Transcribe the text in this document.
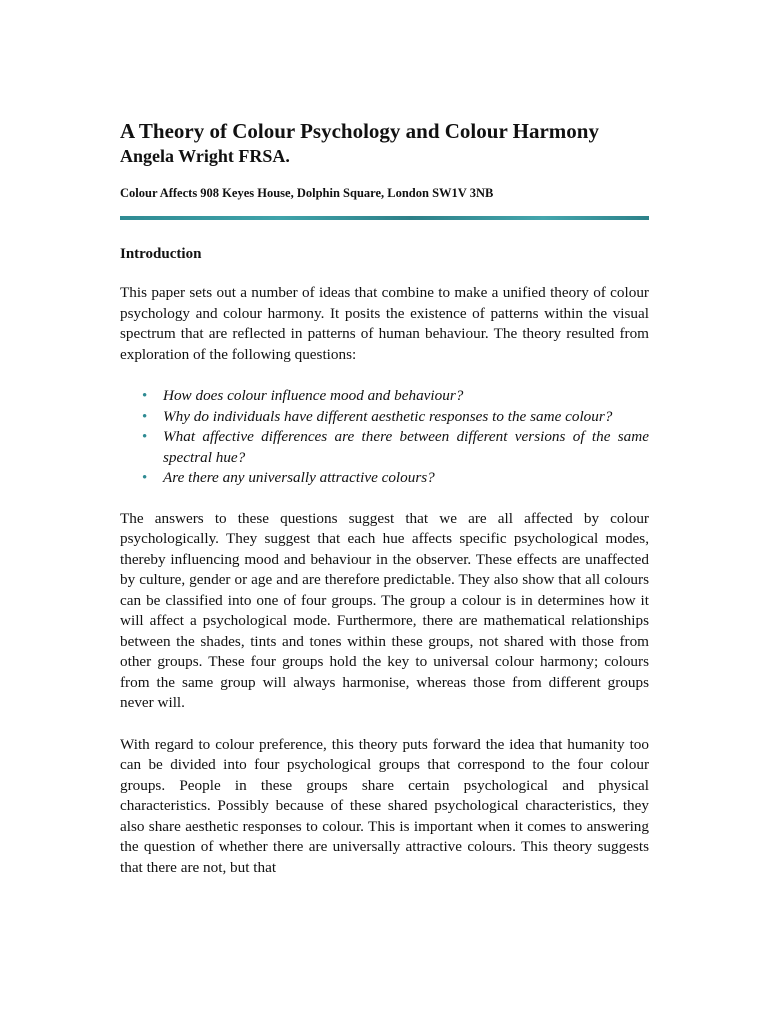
A Theory of Colour Psychology and Colour Harmony
Angela Wright FRSA.
Colour Affects 908 Keyes House, Dolphin Square, London SW1V 3NB
Introduction

This paper sets out a number of ideas that combine to make a unified theory of colour psychology and colour harmony. It posits the existence of patterns within the visual spectrum that are reflected in patterns of human behaviour. The theory resulted from exploration of the following questions:

• How does colour influence mood and behaviour?
• Why do individuals have different aesthetic responses to the same colour?
• What affective differences are there between different versions of the same spectral hue?
• Are there any universally attractive colours?

The answers to these questions suggest that we are all affected by colour psychologically. They suggest that each hue affects specific psychological modes, thereby influencing mood and behaviour in the observer. These effects are unaffected by culture, gender or age and are therefore predictable. They also show that all colours can be classified into one of four groups. The group a colour is in determines how it will affect a psychological mode. Furthermore, there are mathematical relationships between the shades, tints and tones within these groups, not shared with those from other groups. These four groups hold the key to universal colour harmony; colours from the same group will always harmonise, whereas those from different groups never will.

With regard to colour preference, this theory puts forward the idea that humanity too can be divided into four psychological groups that correspond to the four colour groups. People in these groups share certain psychological and physical characteristics. Possibly because of these shared psychological characteristics, they also share aesthetic responses to colour. This is important when it comes to answering the question of whether there are universally attractive colours. This theory suggests that there are not, but that
